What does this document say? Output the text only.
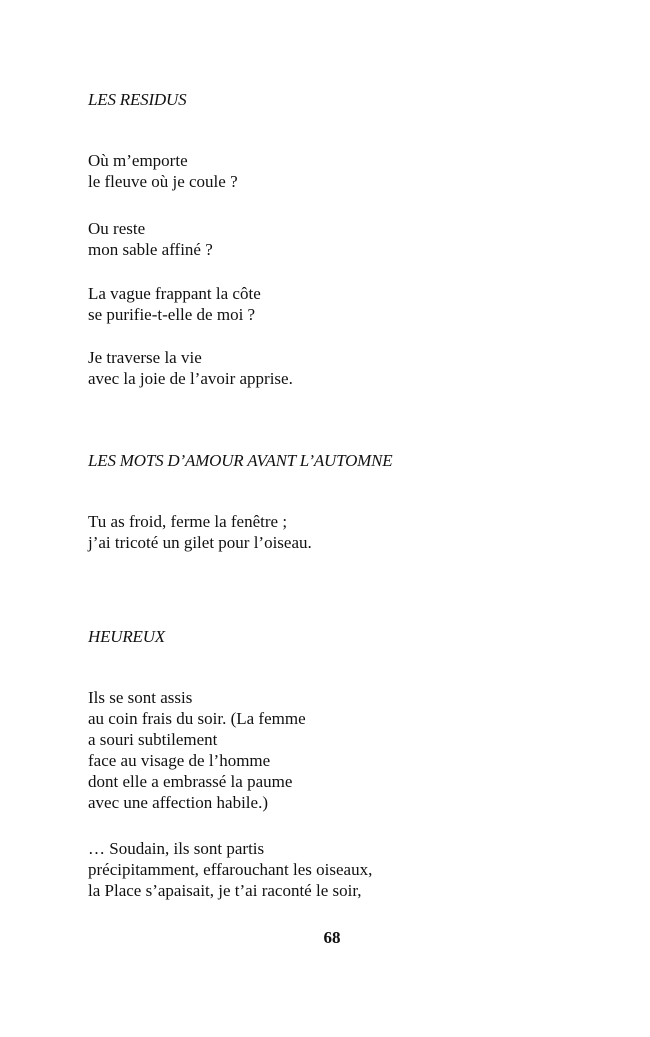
LES RESIDUS
Où m’emporte
le fleuve où je coule ?
Ou reste
mon sable affiné ?
La vague frappant la côte
se purifie-t-elle de moi ?
Je traverse la vie
avec la joie de l’avoir apprise.
LES MOTS D’AMOUR AVANT L’AUTOMNE
Tu as froid, ferme la fenêtre ;
j’ai tricoté un gilet pour l’oiseau.
HEUREUX
Ils se sont assis
au coin frais du soir. (La femme
a souri subtilement
face au visage de l’homme
dont elle a embrassé la paume
avec une affection habile.)
… Soudain, ils sont partis
précipitamment, effarouchant les oiseaux,
la Place s’apaisait, je t’ai raconté le soir,
68
